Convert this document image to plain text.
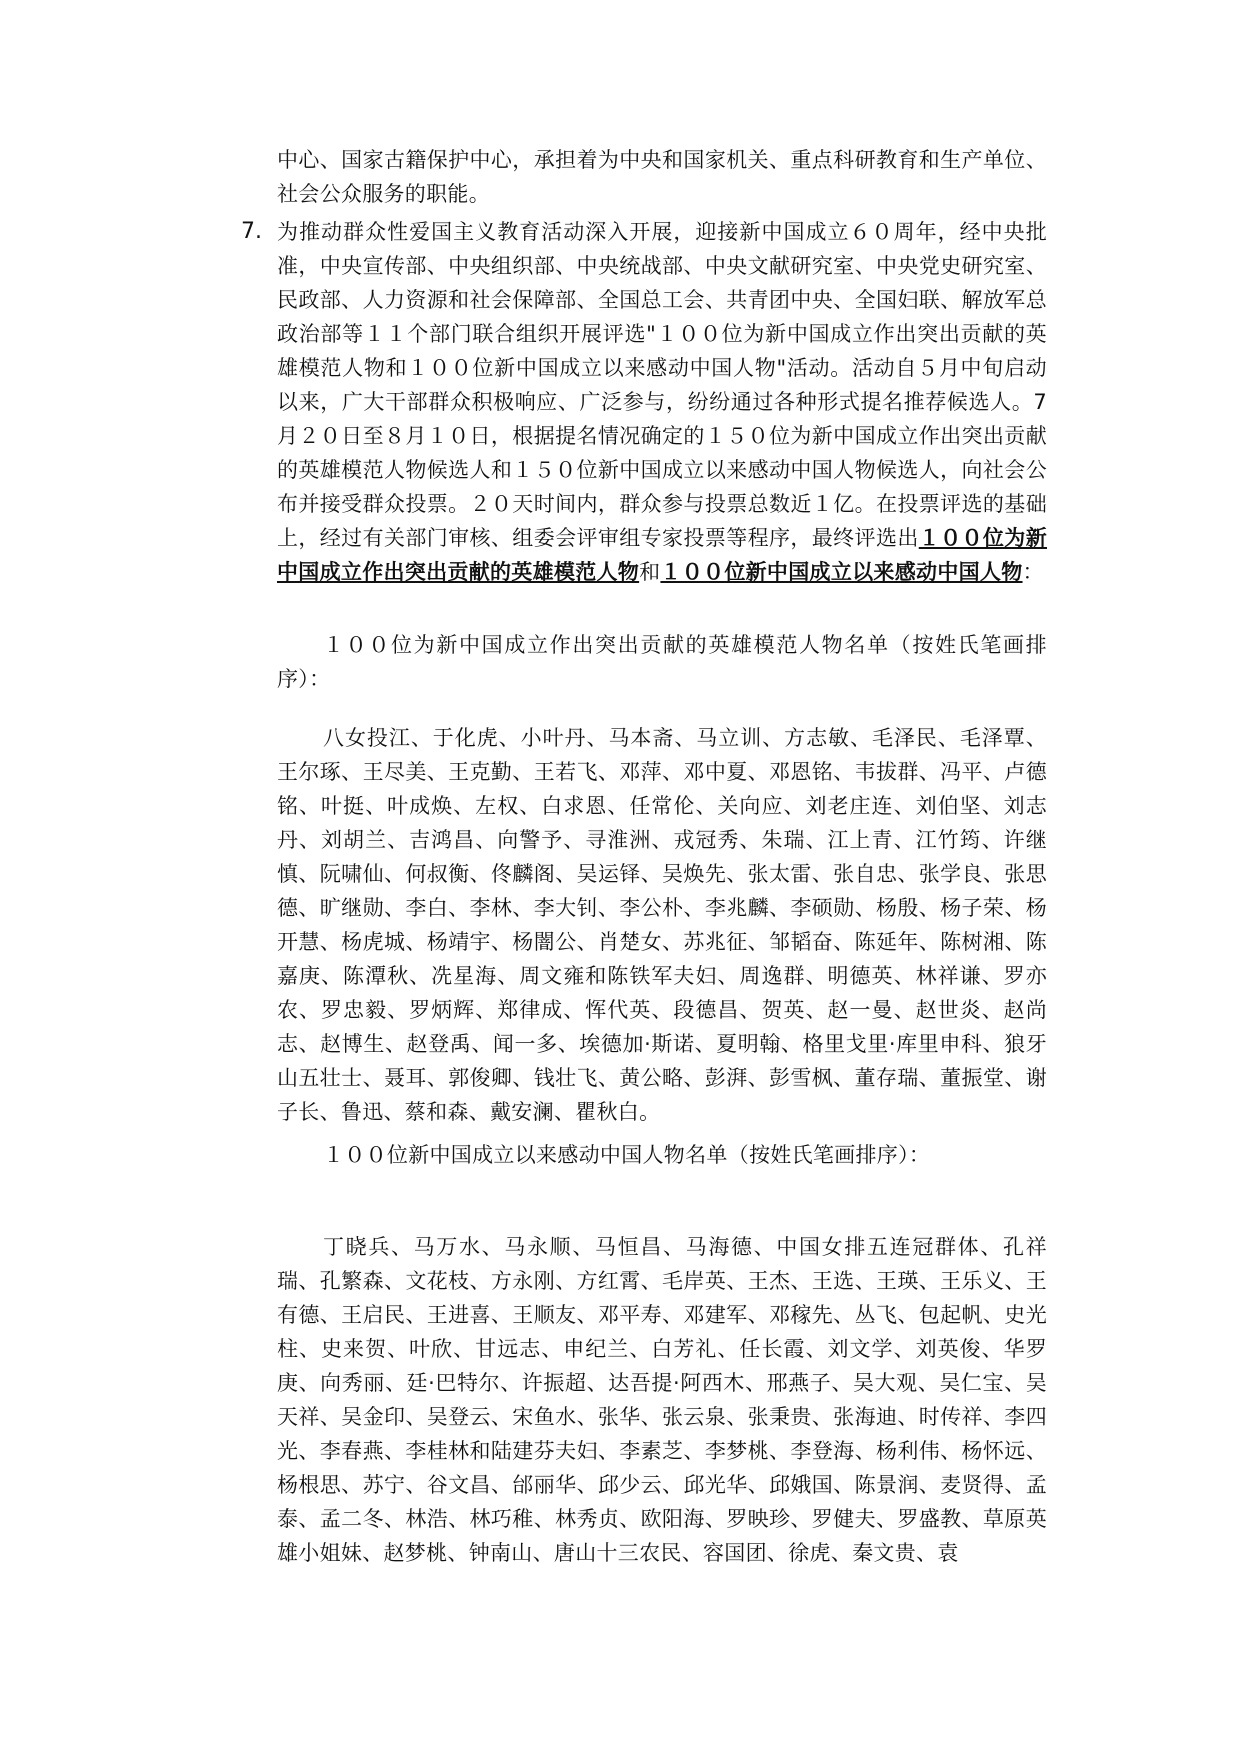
中心、国家古籍保护中心，承担着为中央和国家机关、重点科研教育和生产单位、社会公众服务的职能。

7. 为推动群众性爱国主义教育活动深入开展，迎接新中国成立６０周年，经中央批准，中央宣传部、中央组织部、中央统战部、中央文献研究室、中央党史研究室、民政部、人力资源和社会保障部、全国总工会、共青团中央、全国妇联、解放军总政治部等１１个部门联合组织开展评选"１００位为新中国成立作出突出贡献的英雄模范人物和１００位新中国成立以来感动中国人物"活动。活动自５月中旬启动以来，广大干部群众积极响应、广泛参与，纷纷通过各种形式提名推荐候选人。7月２０日至８月１０日，根据提名情况确定的１５０位为新中国成立作出突出贡献的英雄模范人物候选人和１５０位新中国成立以来感动中国人物候选人，向社会公布并接受群众投票。２０天时间内，群众参与投票总数近１亿。在投票评选的基础上，经过有关部门审核、组委会评审组专家投票等程序，最终评选出１００位为新中国成立作出突出贡献的英雄模范人物和１００位新中国成立以来感动中国人物：

１００位为新中国成立作出突出贡献的英雄模范人物名单（按姓氏笔画排序）：

八女投江、于化虎、小叶丹、马本斋、马立训、方志敏、毛泽民、毛泽覃、王尔琢、王尽美、王克勤、王若飞、邓萍、邓中夏、邓恩铭、韦拔群、冯平、卢德铭、叶挺、叶成焕、左权、白求恩、任常伦、关向应、刘老庄连、刘伯坚、刘志丹、刘胡兰、吉鸿昌、向警予、寻淮洲、戎冠秀、朱瑞、江上青、江竹筠、许继慎、阮啸仙、何叔衡、佟麟阁、吴运铎、吴焕先、张太雷、张自忠、张学良、张思德、旷继勋、李白、李林、李大钊、李公朴、李兆麟、李硕勋、杨殷、杨子荣、杨开慧、杨虎城、杨靖宇、杨闇公、肖楚女、苏兆征、邹韬奋、陈延年、陈树湘、陈嘉庚、陈潭秋、冼星海、周文雍和陈铁军夫妇、周逸群、明德英、林祥谦、罗亦农、罗忠毅、罗炳辉、郑律成、恽代英、段德昌、贺英、赵一曼、赵世炎、赵尚志、赵博生、赵登禹、闻一多、埃德加·斯诺、夏明翰、格里戈里·库里申科、狼牙山五壮士、聂耳、郭俊卿、钱壮飞、黄公略、彭湃、彭雪枫、董存瑞、董振堂、谢子长、鲁迅、蔡和森、戴安澜、瞿秋白。

１００位新中国成立以来感动中国人物名单（按姓氏笔画排序）：

丁晓兵、马万水、马永顺、马恒昌、马海德、中国女排五连冠群体、孔祥瑞、孔繁森、文花枝、方永刚、方红霄、毛岸英、王杰、王选、王瑛、王乐义、王有德、王启民、王进喜、王顺友、邓平寿、邓建军、邓稼先、丛飞、包起帆、史光柱、史来贺、叶欣、甘远志、申纪兰、白芳礼、任长霞、刘文学、刘英俊、华罗庚、向秀丽、廷·巴特尔、许振超、达吾提·阿西木、邢燕子、吴大观、吴仁宝、吴天祥、吴金印、吴登云、宋鱼水、张华、张云泉、张秉贵、张海迪、时传祥、李四光、李春燕、李桂林和陆建芬夫妇、李素芝、李梦桃、李登海、杨利伟、杨怀远、杨根思、苏宁、谷文昌、邰丽华、邱少云、邱光华、邱娥国、陈景润、麦贤得、孟泰、孟二冬、林浩、林巧稚、林秀贞、欧阳海、罗映珍、罗健夫、罗盛教、草原英雄小姐妹、赵梦桃、钟南山、唐山十三农民、容国团、徐虎、秦文贵、袁
